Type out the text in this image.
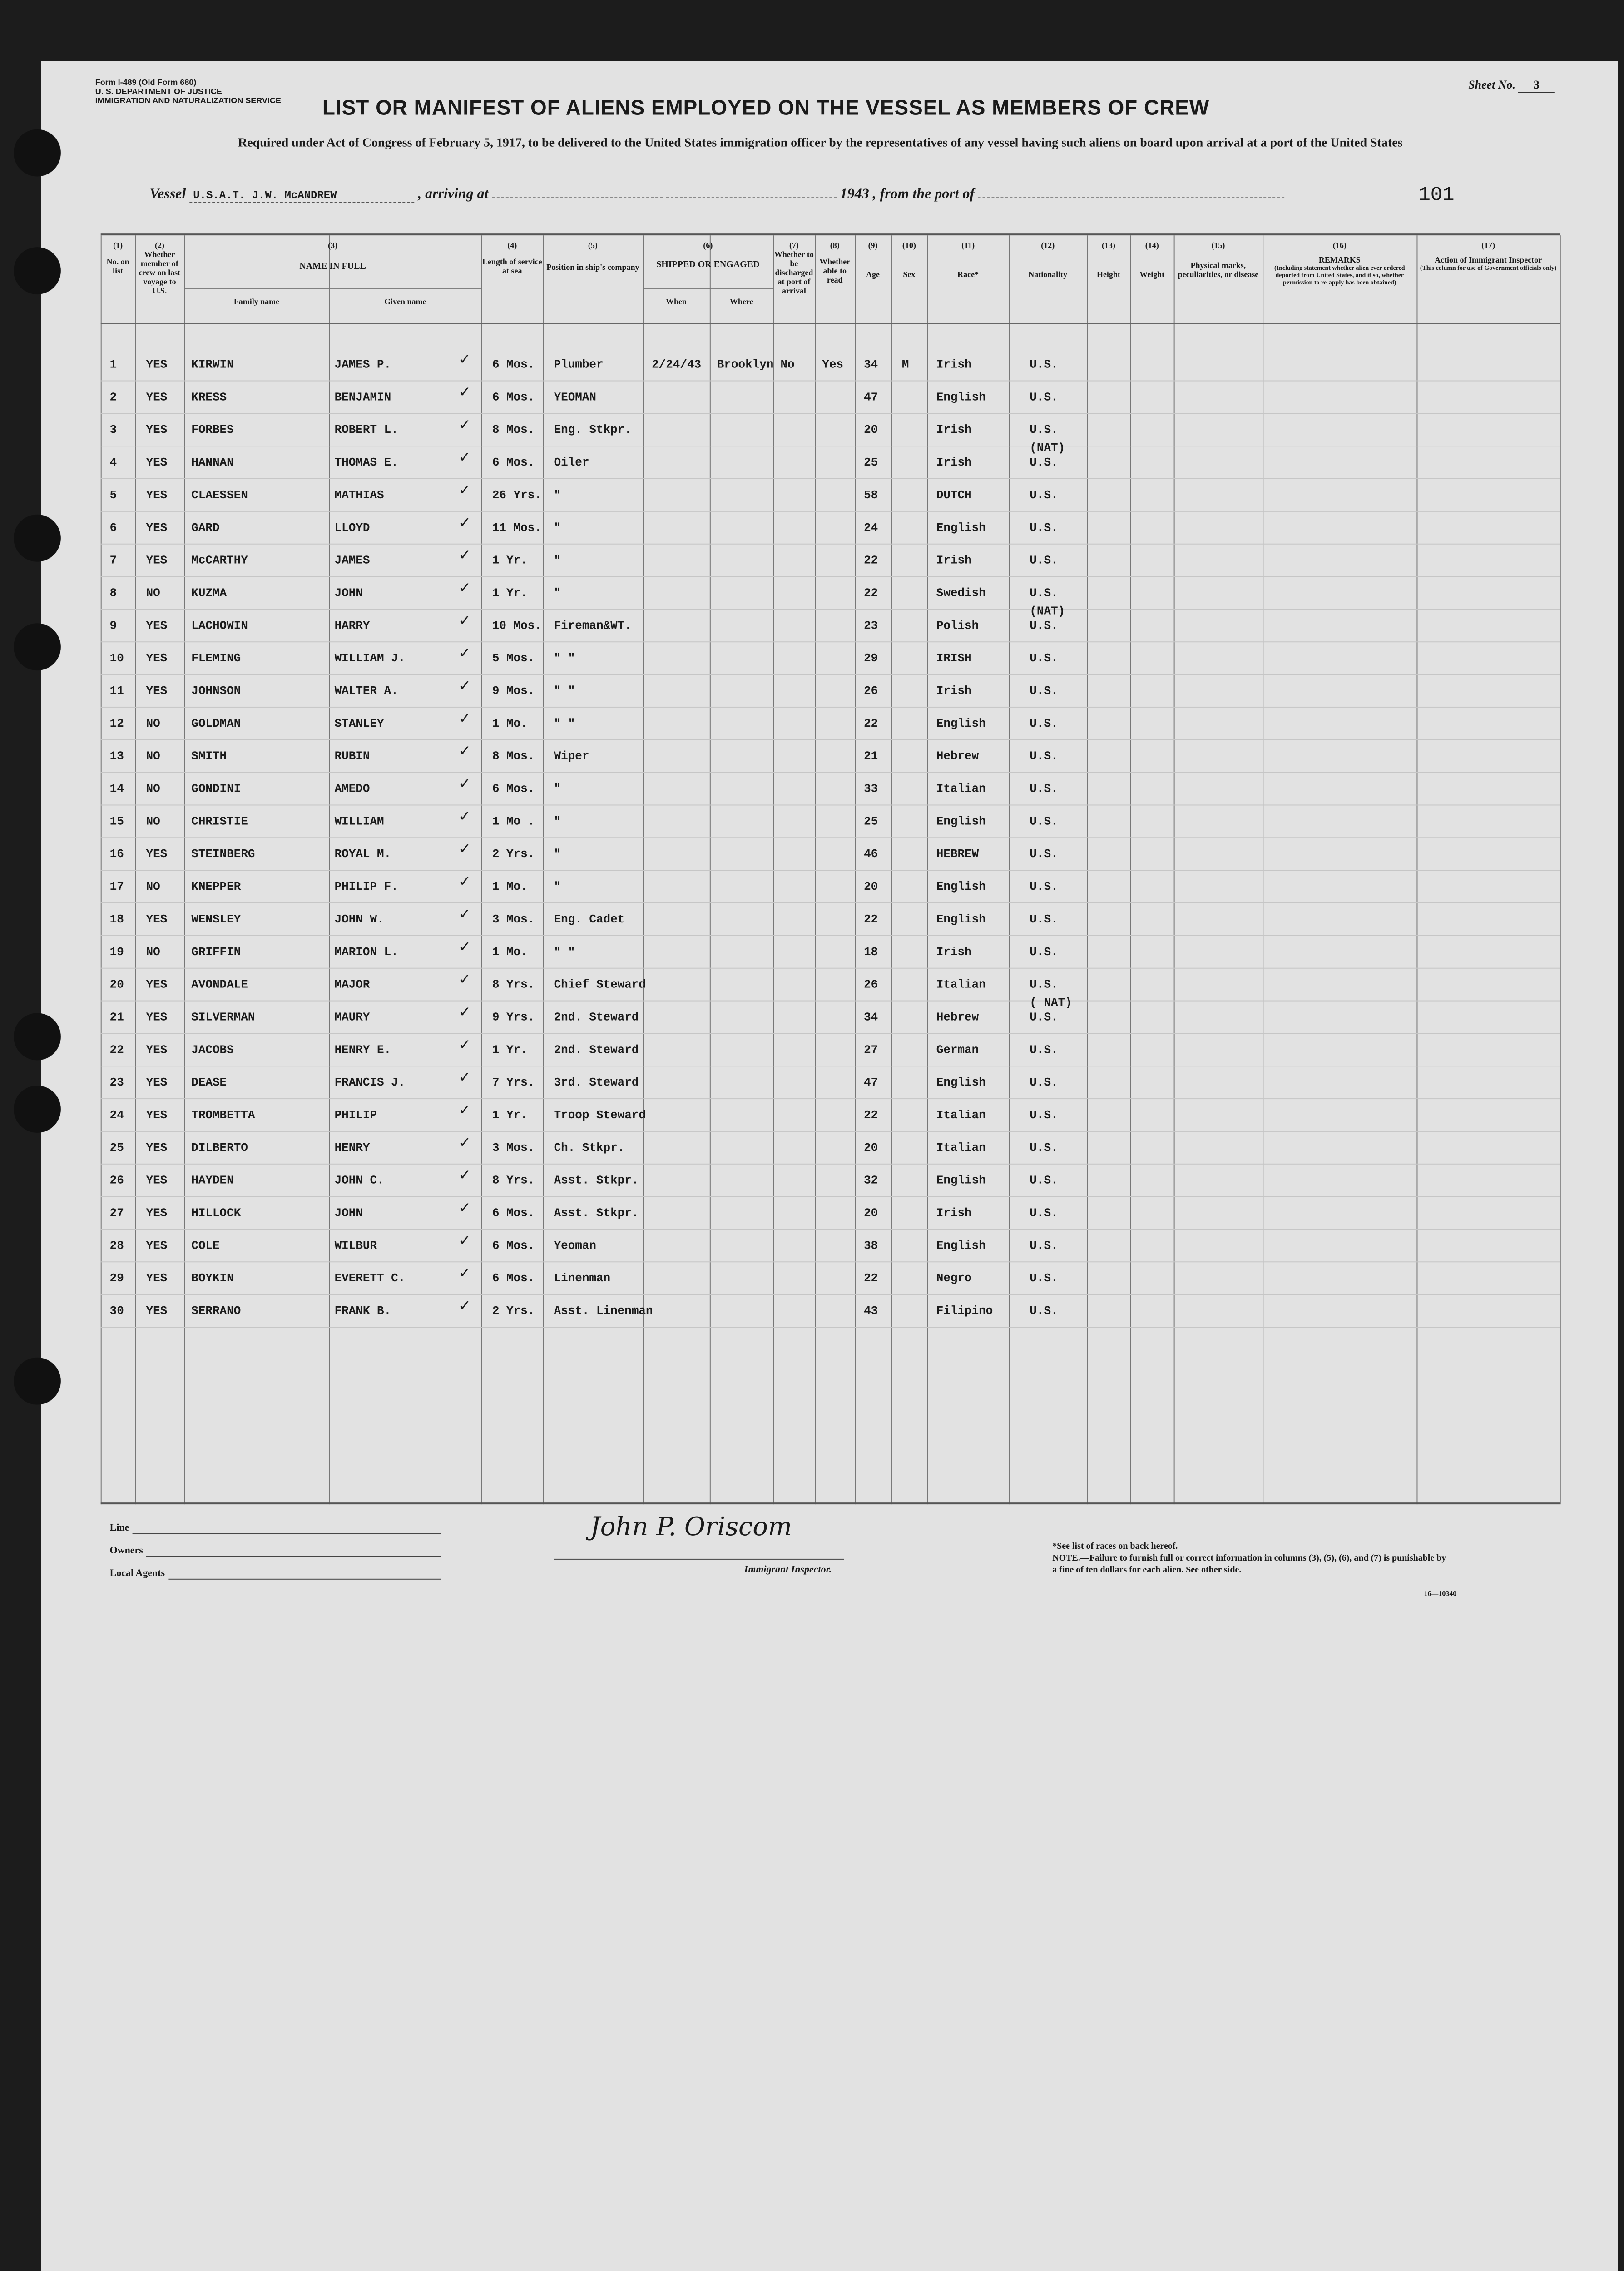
Form I-489 (Old Form 680)
U. S. DEPARTMENT OF JUSTICE
IMMIGRATION AND NATURALIZATION SERVICE
Sheet No.	3
LIST OR MANIFEST OF ALIENS EMPLOYED ON THE VESSEL AS MEMBERS OF CREW
Required under Act of Congress of February 5, 1917, to be delivered to the United States immigration officer by the representatives of any vessel having such aliens on board upon arrival at a port of the United States
Vessel U.S.A.T. J.W. McANDREW	, arriving at	1943 , from the port of	101
(1)
No. on list
(2)
Whether member of crew on last voyage to U.S.
(3)
NAME IN FULL
Family name	Given name
(4)
Length of service at sea
(5)
Position in ship's company
(6)
SHIPPED OR ENGAGED
When	Where
(7)
Whether to be discharged at port of arrival
(8)
Whether able to read
(9)
Age
(10)
Sex
(11)
Race*
(12)
Nationality
(13)
Height
(14)
Weight
(15)
Physical marks, peculiarities, or disease
(16)
REMARKS
(Including statement whether alien ever ordered deported from United States, and if so, whether permission to re-apply has been obtained)
(17)
Action of Immigrant Inspector
(This column for use of Government officials only)
1	YES	KIRWIN	JAMES P.	6 Mos.	Plumber	2/24/43	Brooklyn No	Yes	34	M	Irish	U.S.
✓
2	YES	KRESS	BENJAMIN	6 Mos.	YEOMAN	47	English	U.S.
✓
3	YES	FORBES	ROBERT L.	8 Mos.	Eng. Stkpr.	20	Irish	U.S.
✓
4	YES	HANNAN	THOMAS E.	6 Mos.	Oiler	25	Irish	U.S.
(NAT)
✓
5	YES	CLAESSEN	MATHIAS	26 Yrs. "	58	DUTCH	U.S.
✓
6	YES	GARD	LLOYD	11 Mos. "	24	English	U.S.
✓
7	YES	McCARTHY	JAMES	1 Yr.	"	22	Irish	U.S.
✓
8	NO	KUZMA	JOHN	1 Yr.	"	22	Swedish	U.S.
✓
9	YES	LACHOWIN	HARRY	10 Mos. Fireman&WT.	23	Polish	U.S.
(NAT)
✓
10	YES	FLEMING	WILLIAM J.	5 Mos.	" "	29	IRISH	U.S.
✓
11	YES	JOHNSON	WALTER A.	9 Mos.	" "	26	Irish	U.S.
✓
12	NO	GOLDMAN	STANLEY	1 Mo.	" "	22	English	U.S.
✓
13	NO	SMITH	RUBIN	8 Mos.	Wiper	21	Hebrew	U.S.
✓
14	NO	GONDINI	AMEDO	6 Mos.	"	33	Italian	U.S.
✓
15	NO	CHRISTIE	WILLIAM	1 Mo .	"	25	English	U.S.
✓
16	YES	STEINBERG	ROYAL M.	2 Yrs.	"	46	HEBREW	U.S.
✓
17	NO	KNEPPER	PHILIP F.	1 Mo.	"	20	English	U.S.
✓
18	YES	WENSLEY	JOHN W.	3 Mos.	Eng. Cadet	22	English	U.S.
✓
19	NO	GRIFFIN	MARION L.	1 Mo.	" "	18	Irish	U.S.
✓
20	YES	AVONDALE	MAJOR	8 Yrs.	Chief Steward	26	Italian	U.S.
✓
21	YES	SILVERMAN	MAURY	9 Yrs.	2nd. Steward	34	Hebrew	U.S.
( NAT)
✓
22	YES	JACOBS	HENRY E.	1 Yr.	2nd. Steward	27	German	U.S.
✓
23	YES	DEASE	FRANCIS J.	7 Yrs.	3rd. Steward	47	English	U.S.
✓
24	YES	TROMBETTA	PHILIP	1 Yr.	Troop Steward	22	Italian	U.S.
✓
25	YES	DILBERTO	HENRY	3 Mos.	Ch. Stkpr.	20	Italian	U.S.
✓
26	YES	HAYDEN	JOHN C.	8 Yrs.	Asst. Stkpr.	32	English	U.S.
✓
27	YES	HILLOCK	JOHN	6 Mos.	Asst. Stkpr.	20	Irish	U.S.
✓
28	YES	COLE	WILBUR	6 Mos.	Yeoman	38	English	U.S.
✓
29	YES	BOYKIN	EVERETT C.	6 Mos.	Linenman	22	Negro	U.S.
✓
30	YES	SERRANO	FRANK B.	2 Yrs.	Asst. Linenman	43	Filipino	U.S.
✓
Line
Owners
Local Agents
John P. Oriscom
Immigrant Inspector.
*See list of races on back hereof.
NOTE.—Failure to furnish full or correct information in columns (3), (5), (6), and (7) is punishable by a fine of ten dollars for each alien. See other side.
16—10340
